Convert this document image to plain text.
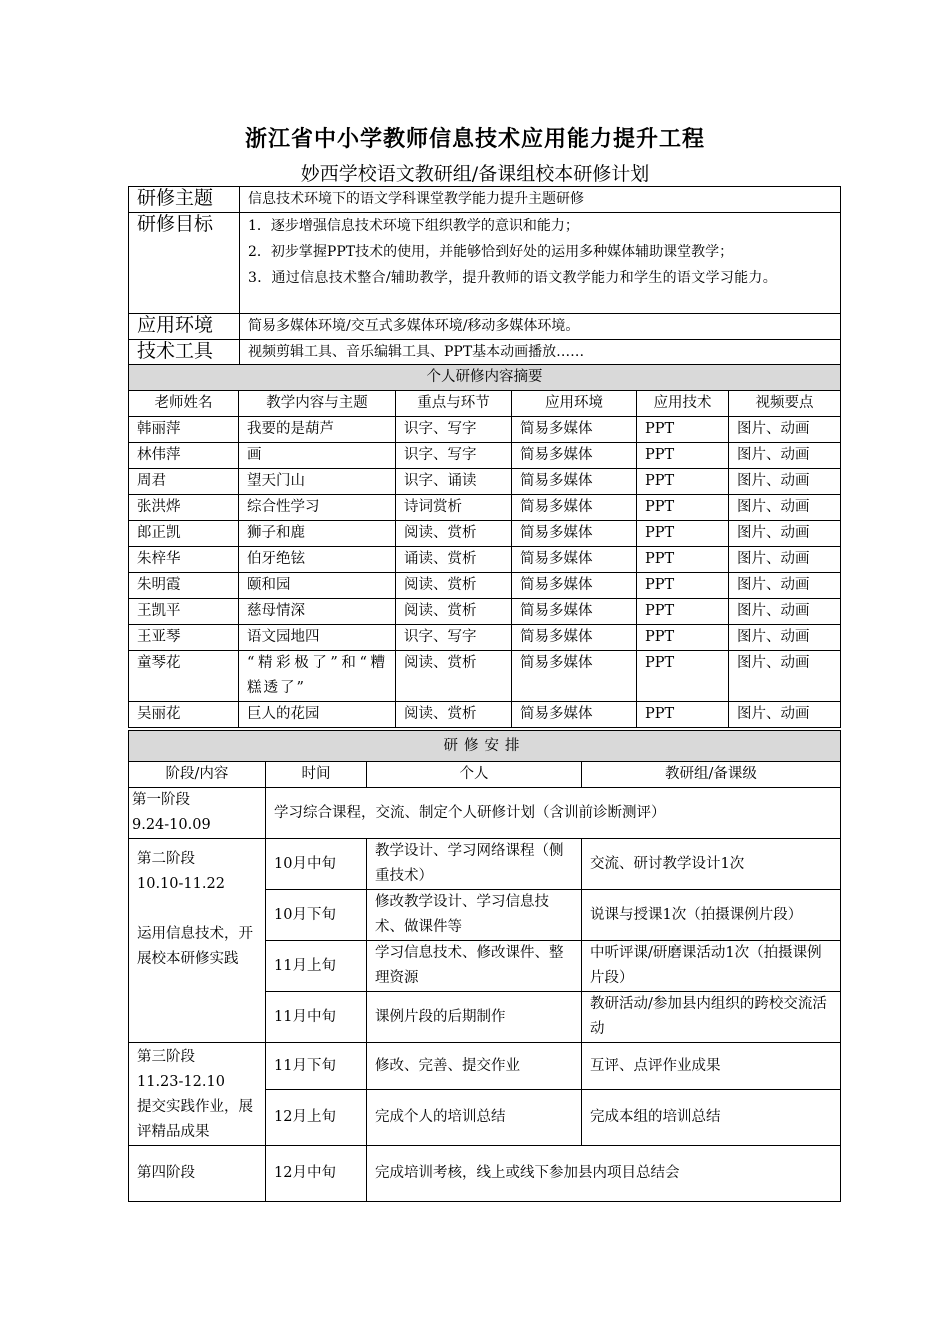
浙江省中小学教师信息技术应用能力提升工程
妙西学校语文教研组/备课组校本研修计划
研修主题	信息技术环境下的语文学科课堂教学能力提升主题研修
研修目标	1．逐步增强信息技术环境下组织教学的意识和能力；
2．初步掌握PPT技术的使用，并能够恰到好处的运用多种媒体辅助课堂教学；
3．通过信息技术整合/辅助教学，提升教师的语文教学能力和学生的语文学习能力。

应用环境	简易多媒体环境/交互式多媒体环境/移动多媒体环境。
技术工具	视频剪辑工具、音乐编辑工具、PPT基本动画播放……
个人研修内容摘要					
老师姓名	教学内容与主题	重点与环节	应用环境	应用技术	视频要点
韩丽萍	我要的是葫芦	识字、写字	简易多媒体	PPT	图片、动画
林伟萍	画	识字、写字	简易多媒体	PPT	图片、动画
周君	望天门山	识字、诵读	简易多媒体	PPT	图片、动画
张洪烨	综合性学习	诗词赏析	简易多媒体	PPT	图片、动画
郎正凯	狮子和鹿	阅读、赏析	简易多媒体	PPT	图片、动画
朱梓华	伯牙绝铉	诵读、赏析	简易多媒体	PPT	图片、动画
朱明霞	颐和园	阅读、赏析	简易多媒体	PPT	图片、动画
王凯平	慈母情深	阅读、赏析	简易多媒体	PPT	图片、动画
王亚琴	语文园地四	识字、写字	简易多媒体	PPT	图片、动画
童琴花	“精彩极了”和“糟糕透了”	阅读、赏析	简易多媒体	PPT	图片、动画
吴丽花	巨人的花园	阅读、赏析	简易多媒体	PPT	图片、动画
研修安排			
阶段/内容	时间	个人	教研组/备课级

第一阶段
9.24-10.09	学习综合课程，交流、制定个人研修计划（含训前诊断测评）		

第二阶段
10.10-11.22
运用信息技术，开展校本研修实践	10月中旬	教学设计、学习网络课程（侧重技术）	交流、研讨教学设计1次
	10月下旬	修改教学设计、学习信息技术、做课件等	说课与授课1次（拍摄课例片段）
	11月上旬	学习信息技术、修改课件、整理资源	中听评课/研磨课活动1次（拍摄课例片段）
	11月中旬	课例片段的后期制作	教研活动/参加县内组织的跨校交流活动

第三阶段
11.23-12.10
提交实践作业，展评精品成果	11月下旬	修改、完善、提交作业	互评、点评作业成果
	12月上旬	完成个人的培训总结	完成本组的培训总结
第四阶段	12月中旬	完成培训考核，线上或线下参加县内项目总结会	
